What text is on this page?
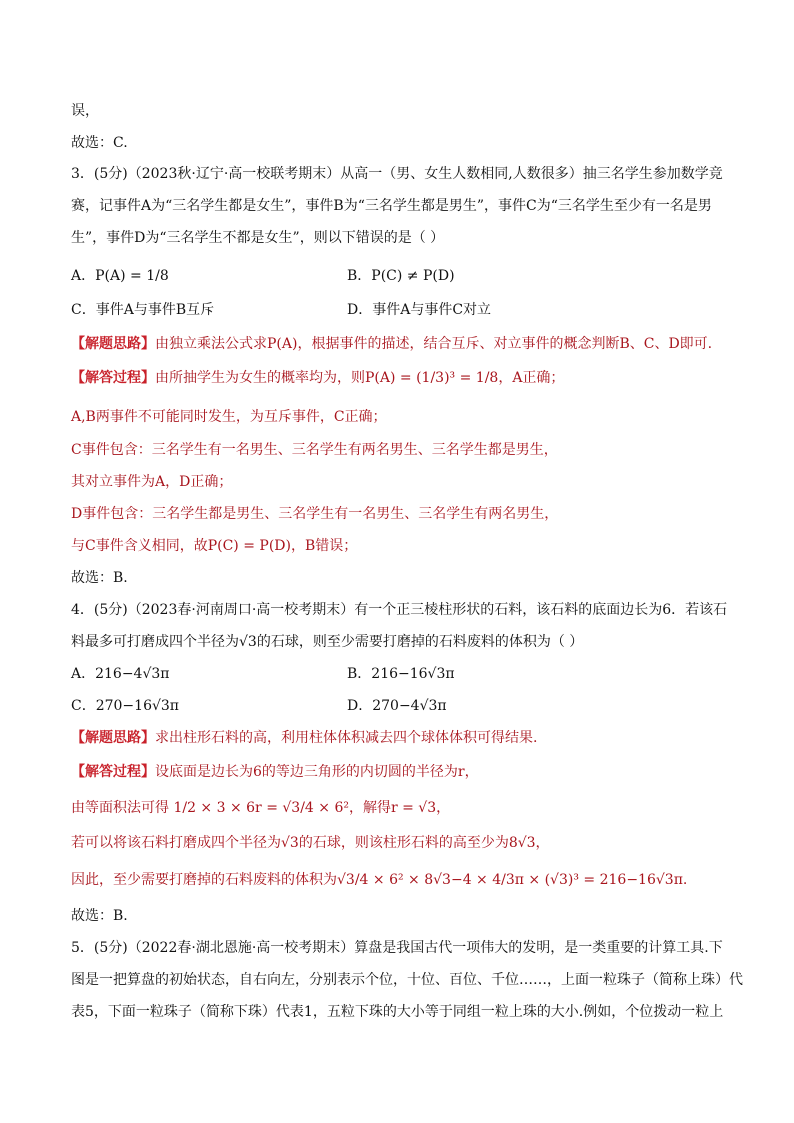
误，
故选：C.
3．(5分)（2023秋·辽宁·高一校联考期末）从高一（男、女生人数相同,人数很多）抽三名学生参加数学竞
赛，记事件A为“三名学生都是女生”，事件B为“三名学生都是男生”，事件C为“三名学生至少有一名是男
生”，事件D为“三名学生不都是女生”，则以下错误的是（ ）
A．P(A) = 1/8	B．P(C) ≠ P(D)
C．事件A与事件B互斥	D．事件A与事件C对立
【解题思路】由独立乘法公式求P(A)，根据事件的描述，结合互斥、对立事件的概念判断B、C、D即可.
【解答过程】由所抽学生为女生的概率均为，则P(A) = (1/3)³ = 1/8，A正确；
A,B两事件不可能同时发生，为互斥事件，C正确；
C事件包含：三名学生有一名男生、三名学生有两名男生、三名学生都是男生，
其对立事件为A，D正确；
D事件包含：三名学生都是男生、三名学生有一名男生、三名学生有两名男生，
与C事件含义相同，故P(C) = P(D)，B错误；
故选：B.
4．(5分)（2023春·河南周口·高一校考期末）有一个正三棱柱形状的石料，该石料的底面边长为6．若该石
料最多可打磨成四个半径为√3的石球，则至少需要打磨掉的石料废料的体积为（ ）
A．216−4√3π	B．216−16√3π
C．270−16√3π	D．270−4√3π
【解题思路】求出柱形石料的高，利用柱体体积减去四个球体体积可得结果.
【解答过程】设底面是边长为6的等边三角形的内切圆的半径为r，
由等面积法可得 1/2 × 3 × 6r = √3/4 × 6²，解得r = √3，
若可以将该石料打磨成四个半径为√3的石球，则该柱形石料的高至少为8√3，
因此，至少需要打磨掉的石料废料的体积为√3/4 × 6² × 8√3−4 × 4/3π × (√3)³ = 216−16√3π.
故选：B.
5．(5分)（2022春·湖北恩施·高一校考期末）算盘是我国古代一项伟大的发明，是一类重要的计算工具.下
图是一把算盘的初始状态，自右向左，分别表示个位，十位、百位、千位……，上面一粒珠子（简称上珠）代
表5，下面一粒珠子（简称下珠）代表1，五粒下珠的大小等于同组一粒上珠的大小.例如，个位拨动一粒上
